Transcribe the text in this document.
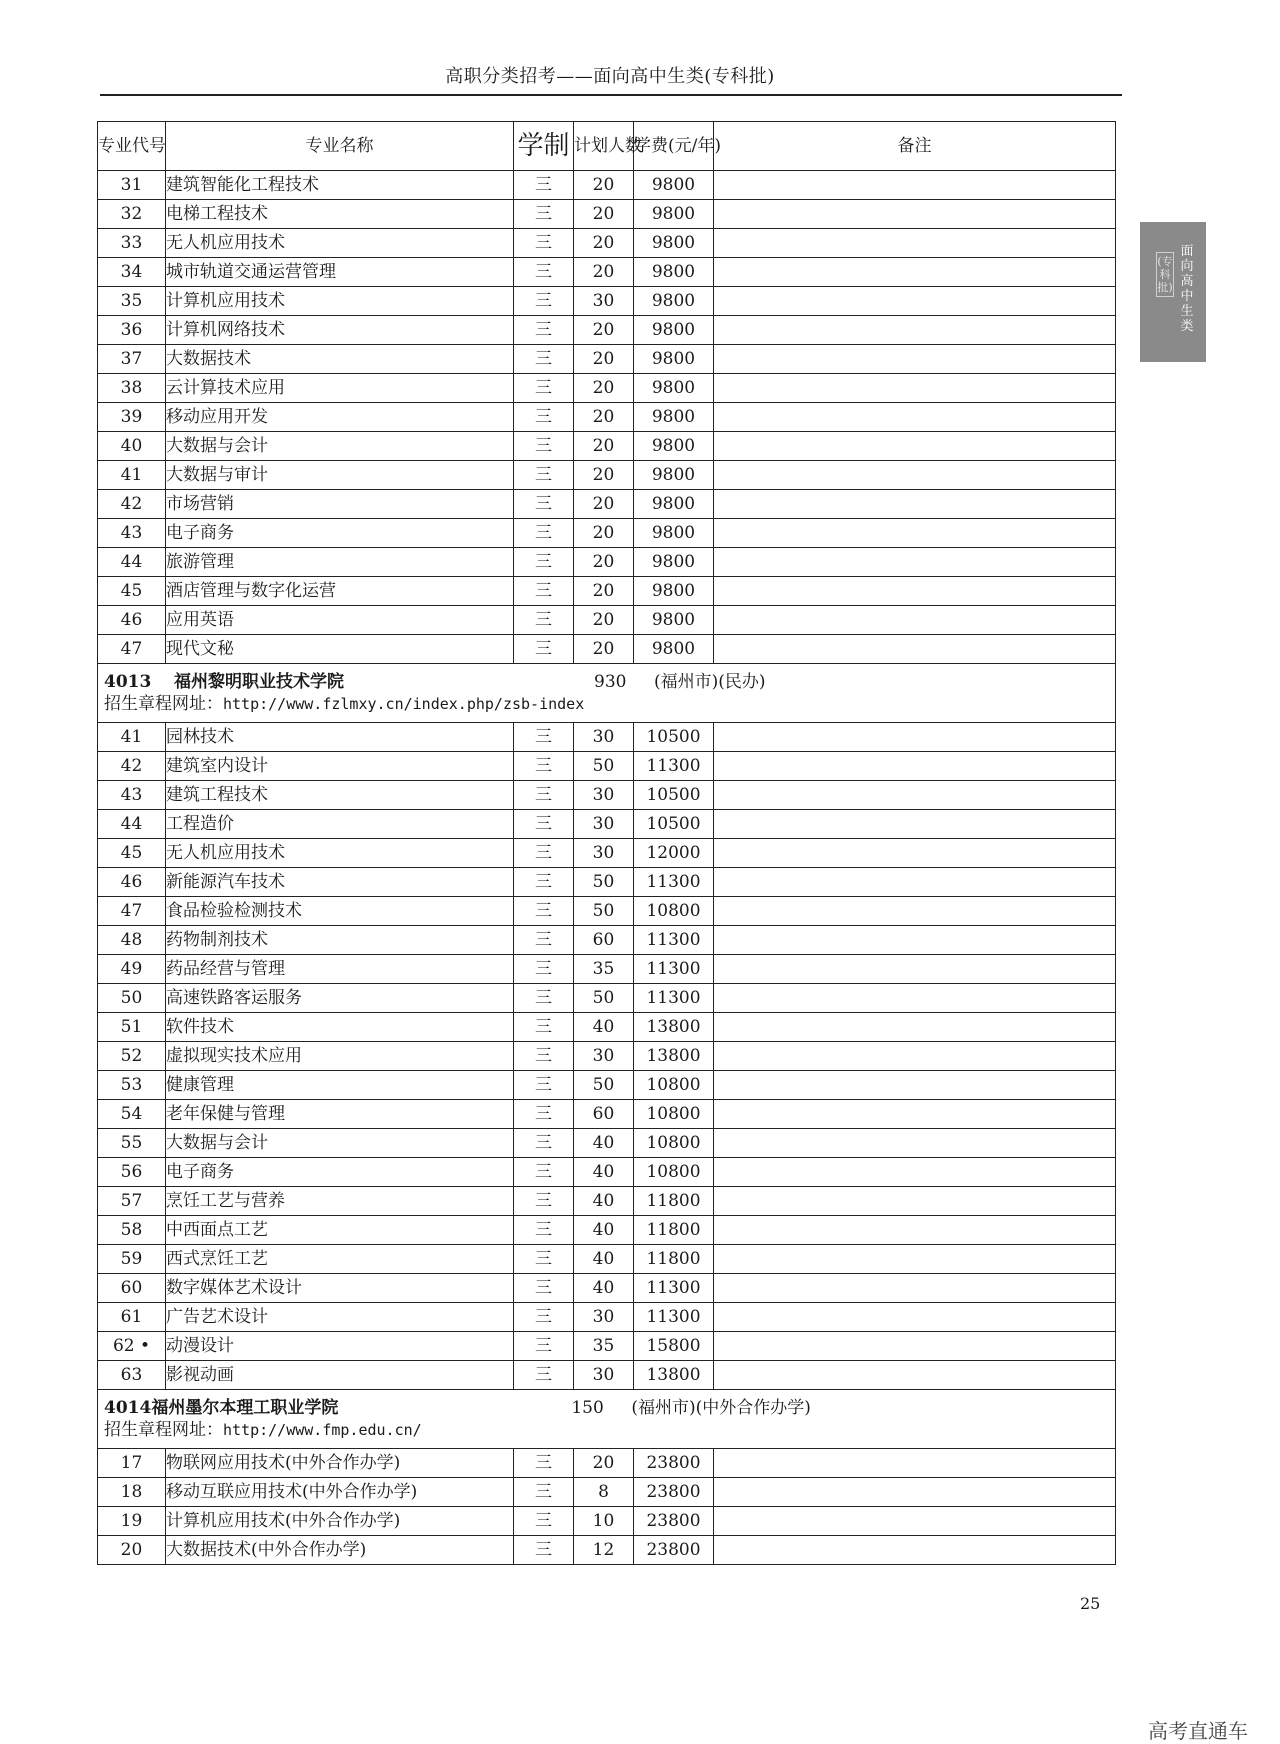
高职分类招考——面向高中生类(专科批)
面向高中生类
(专科批)
专业代号	专业名称	学制	计划人数	学费(元/年)	备注
31	建筑智能化工程技术	三	20	9800	
32	电梯工程技术	三	20	9800	
33	无人机应用技术	三	20	9800	
34	城市轨道交通运营管理	三	20	9800	
35	计算机应用技术	三	30	9800	
36	计算机网络技术	三	20	9800	
37	大数据技术	三	20	9800	
38	云计算技术应用	三	20	9800	
39	移动应用开发	三	20	9800	
40	大数据与会计	三	20	9800	
41	大数据与审计	三	20	9800	
42	市场营销	三	20	9800	
43	电子商务	三	20	9800	
44	旅游管理	三	20	9800	
45	酒店管理与数字化运营	三	20	9800	
46	应用英语	三	20	9800	
47	现代文秘	三	20	9800	

4013 福州黎明职业技术学院 930 (福州市)(民办)
招生章程网址：http://www.fzlmxy.cn/index.php/zsb-index					

41	园林技术	三	30	10500	
42	建筑室内设计	三	50	11300	
43	建筑工程技术	三	30	10500	
44	工程造价	三	30	10500	
45	无人机应用技术	三	30	12000	
46	新能源汽车技术	三	50	11300	
47	食品检验检测技术	三	50	10800	
48	药物制剂技术	三	60	11300	
49	药品经营与管理	三	35	11300	
50	高速铁路客运服务	三	50	11300	
51	软件技术	三	40	13800	
52	虚拟现实技术应用	三	30	13800	
53	健康管理	三	50	10800	
54	老年保健与管理	三	60	10800	
55	大数据与会计	三	40	10800	
56	电子商务	三	40	10800	
57	烹饪工艺与营养	三	40	11800	
58	中西面点工艺	三	40	11800	
59	西式烹饪工艺	三	40	11800	
60	数字媒体艺术设计	三	40	11300	
61	广告艺术设计	三	30	11300	
62 •	动漫设计	三	35	15800	
63	影视动画	三	30	13800	

4014 福州墨尔本理工职业学院 150 (福州市)(中外合作办学)
招生章程网址：http://www.fmp.edu.cn/					

17	物联网应用技术(中外合作办学)	三	20	23800	
18	移动互联应用技术(中外合作办学)	三	8	23800	
19	计算机应用技术(中外合作办学)	三	10	23800	
20	大数据技术(中外合作办学)	三	12	23800	
25
高考直通车
